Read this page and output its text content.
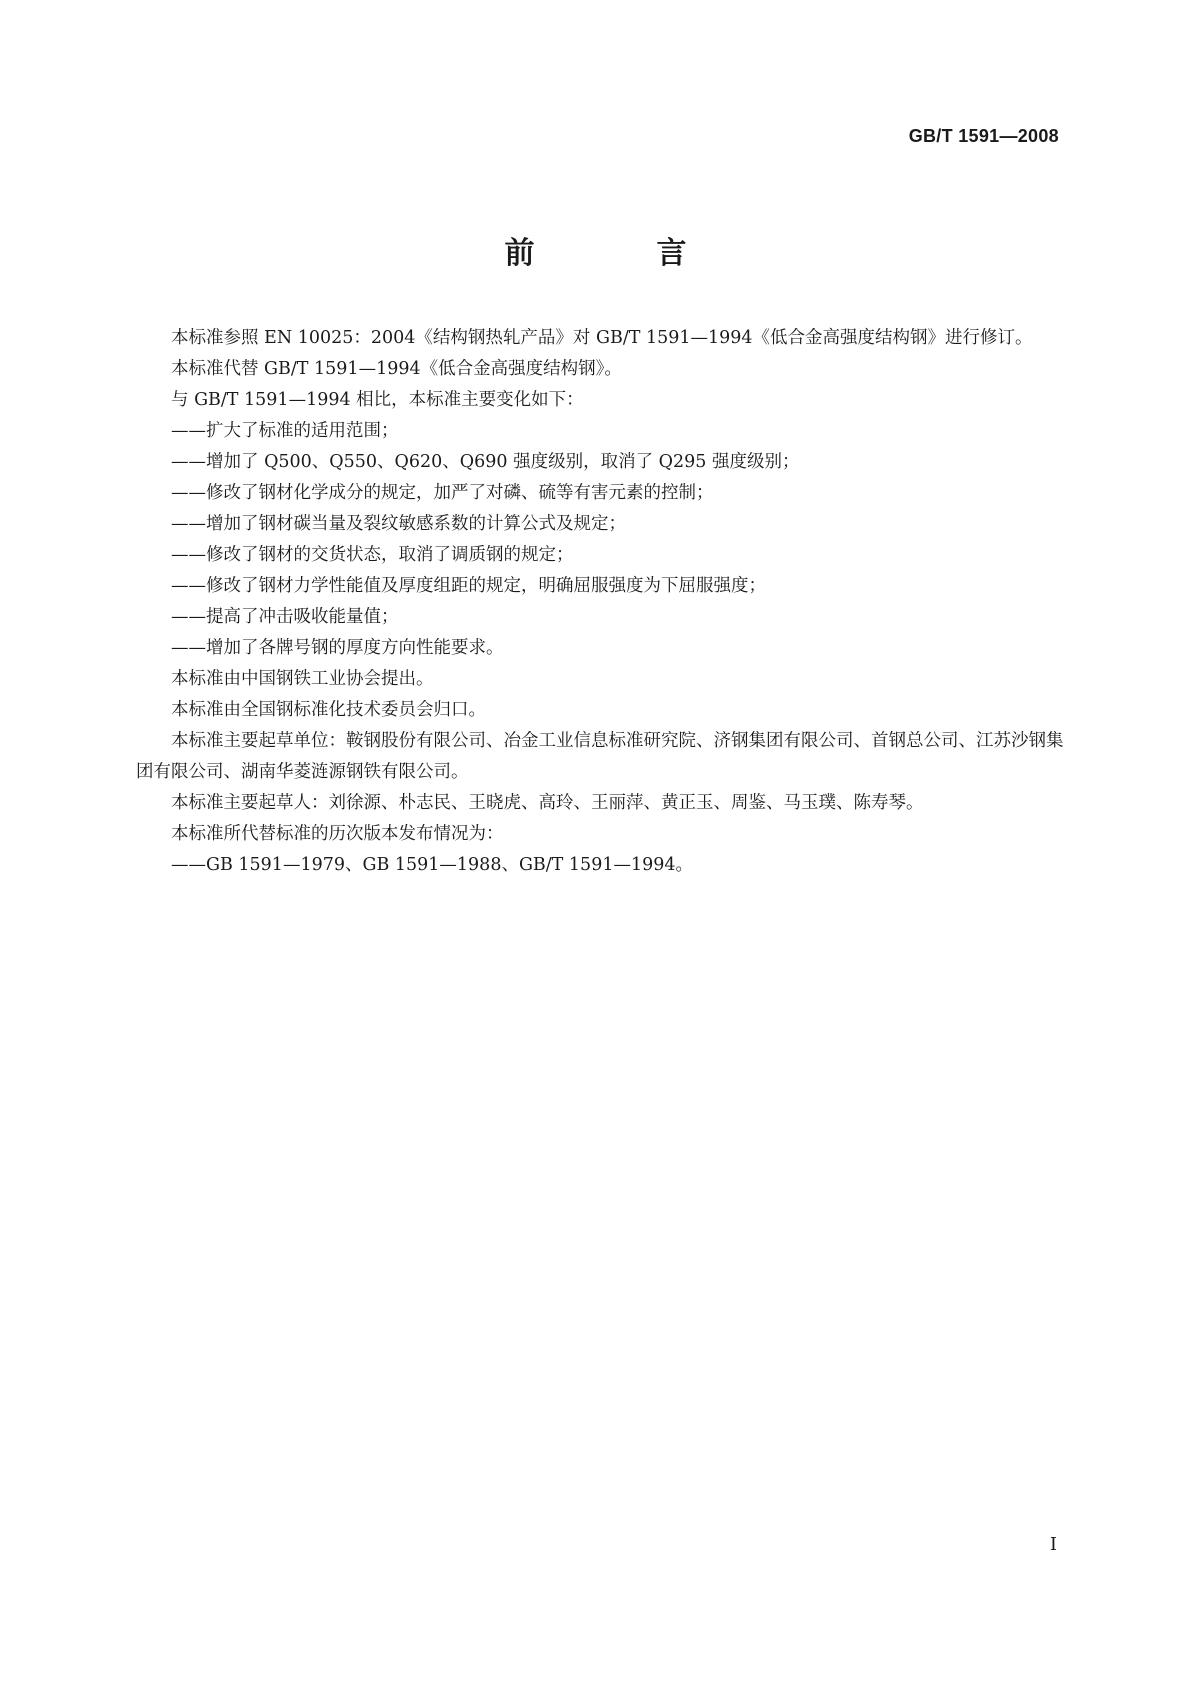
GB/T 1591—2008
前　言

本标准参照 EN 10025：2004《结构钢热轧产品》对 GB/T 1591—1994《低合金高强度结构钢》进行修订。

本标准代替 GB/T 1591—1994《低合金高强度结构钢》。

与 GB/T 1591—1994 相比，本标准主要变化如下：

——扩大了标准的适用范围；

——增加了 Q500、Q550、Q620、Q690 强度级别，取消了 Q295 强度级别；

——修改了钢材化学成分的规定，加严了对磷、硫等有害元素的控制；

——增加了钢材碳当量及裂纹敏感系数的计算公式及规定；

——修改了钢材的交货状态，取消了调质钢的规定；

——修改了钢材力学性能值及厚度组距的规定，明确屈服强度为下屈服强度；

——提高了冲击吸收能量值；

——增加了各牌号钢的厚度方向性能要求。

本标准由中国钢铁工业协会提出。

本标准由全国钢标准化技术委员会归口。

本标准主要起草单位：鞍钢股份有限公司、冶金工业信息标准研究院、济钢集团有限公司、首钢总公司、江苏沙钢集团有限公司、湖南华菱涟源钢铁有限公司。

本标准主要起草人：刘徐源、朴志民、王晓虎、高玲、王丽萍、黄正玉、周鉴、马玉璞、陈寿琴。

本标准所代替标准的历次版本发布情况为：

——GB 1591—1979、GB 1591—1988、GB/T 1591—1994。

I
